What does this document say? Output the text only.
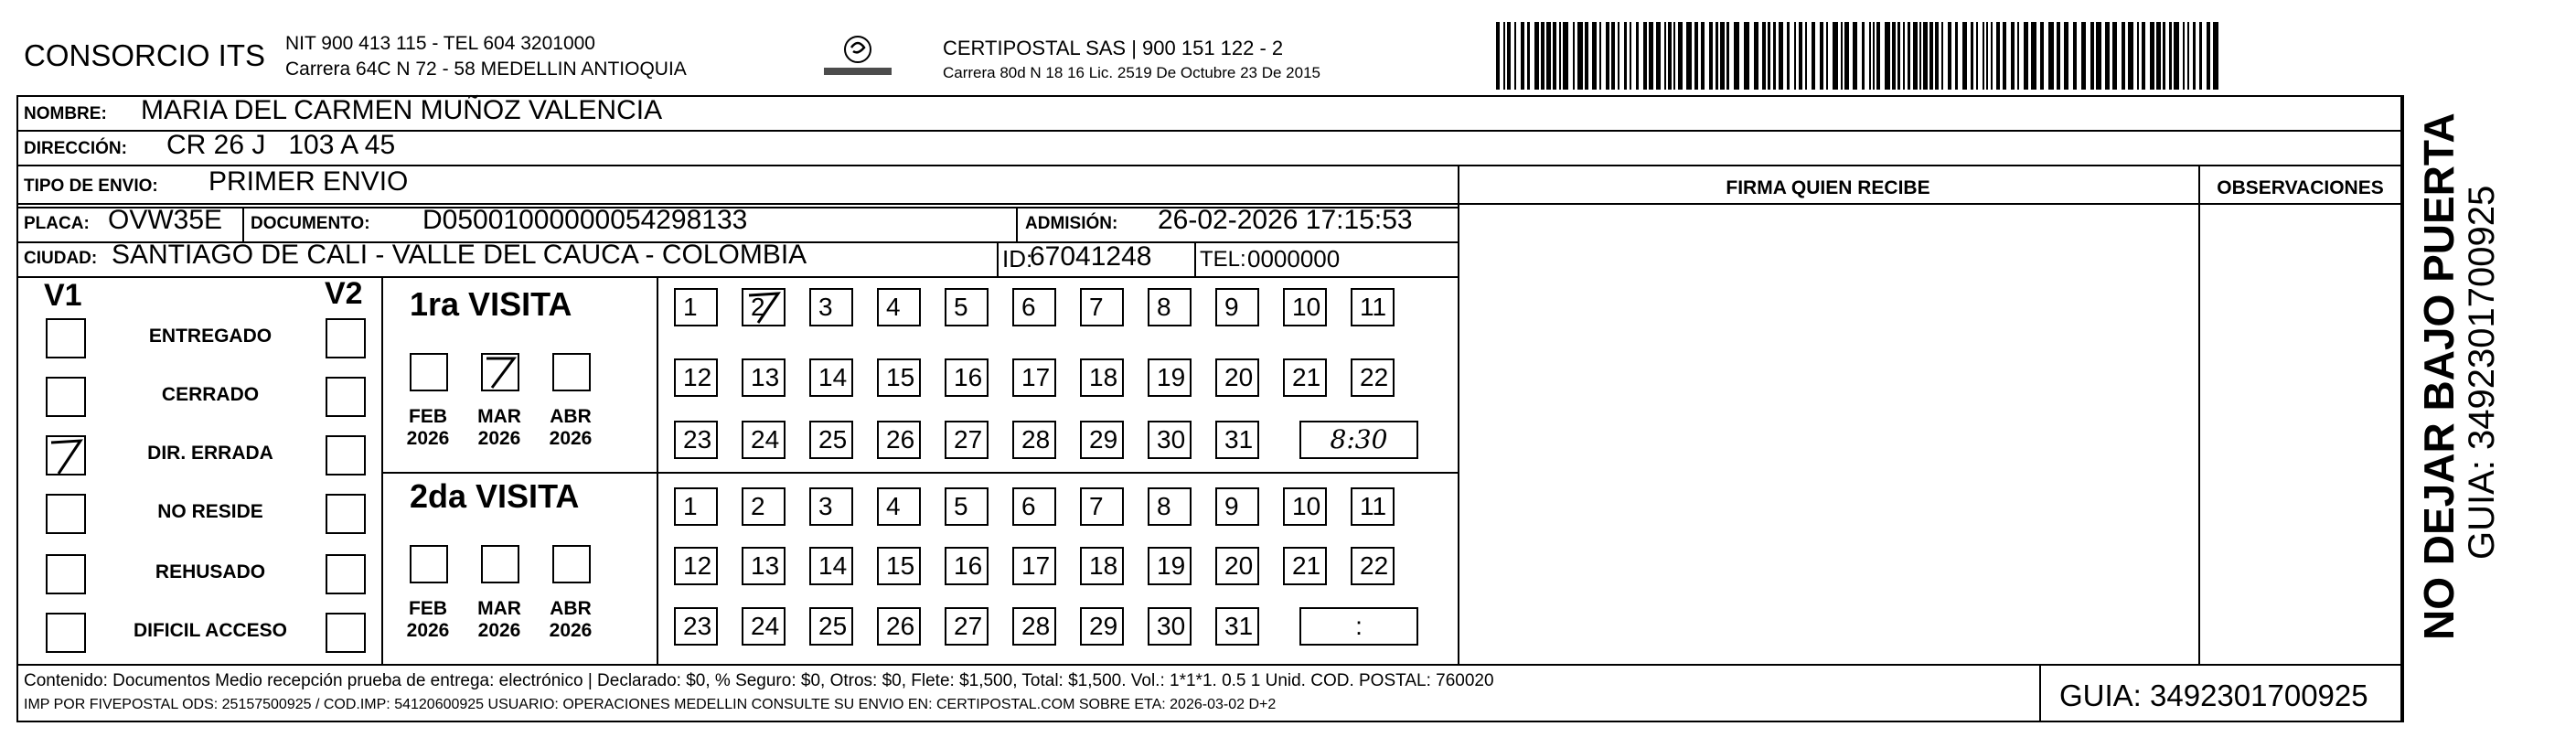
CONSORCIO ITS NIT 900 413 115 - TEL 604 3201000
Carrera 64C N 72 - 58 MEDELLIN ANTIOQUIA
CERTIPOSTAL SAS | 900 151 122 - 2
Carrera 80d N 18 16 Lic. 2519 De Octubre 23 De 2015
NOMBRE: MARIA DEL CARMEN MUÑOZ VALENCIA
DIRECCIÓN: CR 26 J   103 A 45
TIPO DE ENVIO: PRIMER ENVIO	FIRMA QUIEN RECIBE	OBSERVACIONES
PLACA: OVW35E DOCUMENTO: D05001000000054298133	ADMISIÓN: 26-02-2026 17:15:53
CIUDAD: SANTIAGO DE CALI - VALLE DEL CAUCA - COLOMBIA	ID:
67041248 TEL: 0000000
V1	V2
ENTREGADO
CERRADO
DIR. ERRADA
NO RESIDE
REHUSADO
DIFICIL ACCESO
1ra VISITA
2da VISITA
FEB
2026
MAR
2026
ABR
2026
FEB
2026
MAR
2026
ABR
2026
1	2	3	4	5	6	7	8	9	10	11
12	13	14	15	16	17	18	19	20	21	22
23	24	25	26	27	28	29	30	31	8:30
1	2	3	4	5	6	7	8	9	10	11
12	13	14	15	16	17	18	19	20	21	22
23	24	25	26	27	28	29	30	31	:
Contenido: Documentos Medio recepción prueba de entrega: electrónico | Declarado: $0, % Seguro: $0, Otros: $0, Flete: $1,500, Total: $1,500. Vol.: 1*1*1. 0.5 1 Unid. COD. POSTAL: 760020
IMP POR FIVEPOSTAL ODS: 25157500925 / COD.IMP: 54120600925 USUARIO: OPERACIONES MEDELLIN CONSULTE SU ENVIO EN: CERTIPOSTAL.COM SOBRE ETA: 2026-03-02 D+2	GUIA: 3492301700925
NO DEJAR BAJO PUERTA GUIA: 3492301700925
